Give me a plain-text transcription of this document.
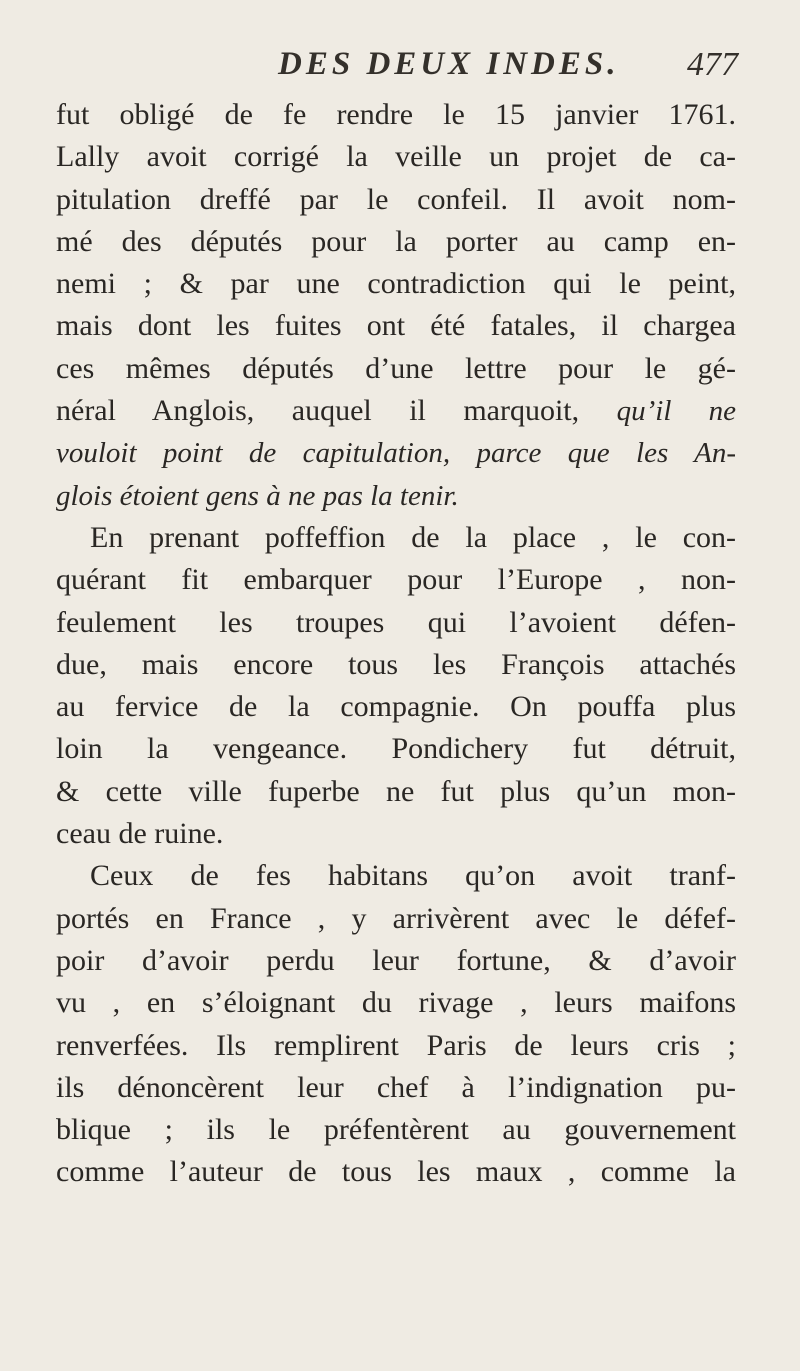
DES DEUX INDES. 477
fut obligé de fe rendre le 15 janvier 1761.
Lally avoit corrigé la veille un projet de ca-
pitulation dreffé par le confeil. Il avoit nom-
mé des députés pour la porter au camp en-
nemi ; & par une contradiction qui le peint,
mais dont les fuites ont été fatales, il chargea
ces mêmes députés d’une lettre pour le gé-
néral Anglois, auquel il marquoit, qu’il ne
vouloit point de capitulation, parce que les An-
glois étoient gens à ne pas la tenir.
En prenant poffeffion de la place , le con-
quérant fit embarquer pour l’Europe , non-
feulement les troupes qui l’avoient défen-
due, mais encore tous les François attachés
au fervice de la compagnie. On pouffa plus
loin la vengeance. Pondichery fut détruit,
& cette ville fuperbe ne fut plus qu’un mon-
ceau de ruine.
Ceux de fes habitans qu’on avoit tranf-
portés en France , y arrivèrent avec le défef-
poir d’avoir perdu leur fortune, & d’avoir
vu , en s’éloignant du rivage , leurs maifons
renverfées. Ils remplirent Paris de leurs cris ;
ils dénoncèrent leur chef à l’indignation pu-
blique ; ils le préfentèrent au gouvernement
comme l’auteur de tous les maux , comme la
